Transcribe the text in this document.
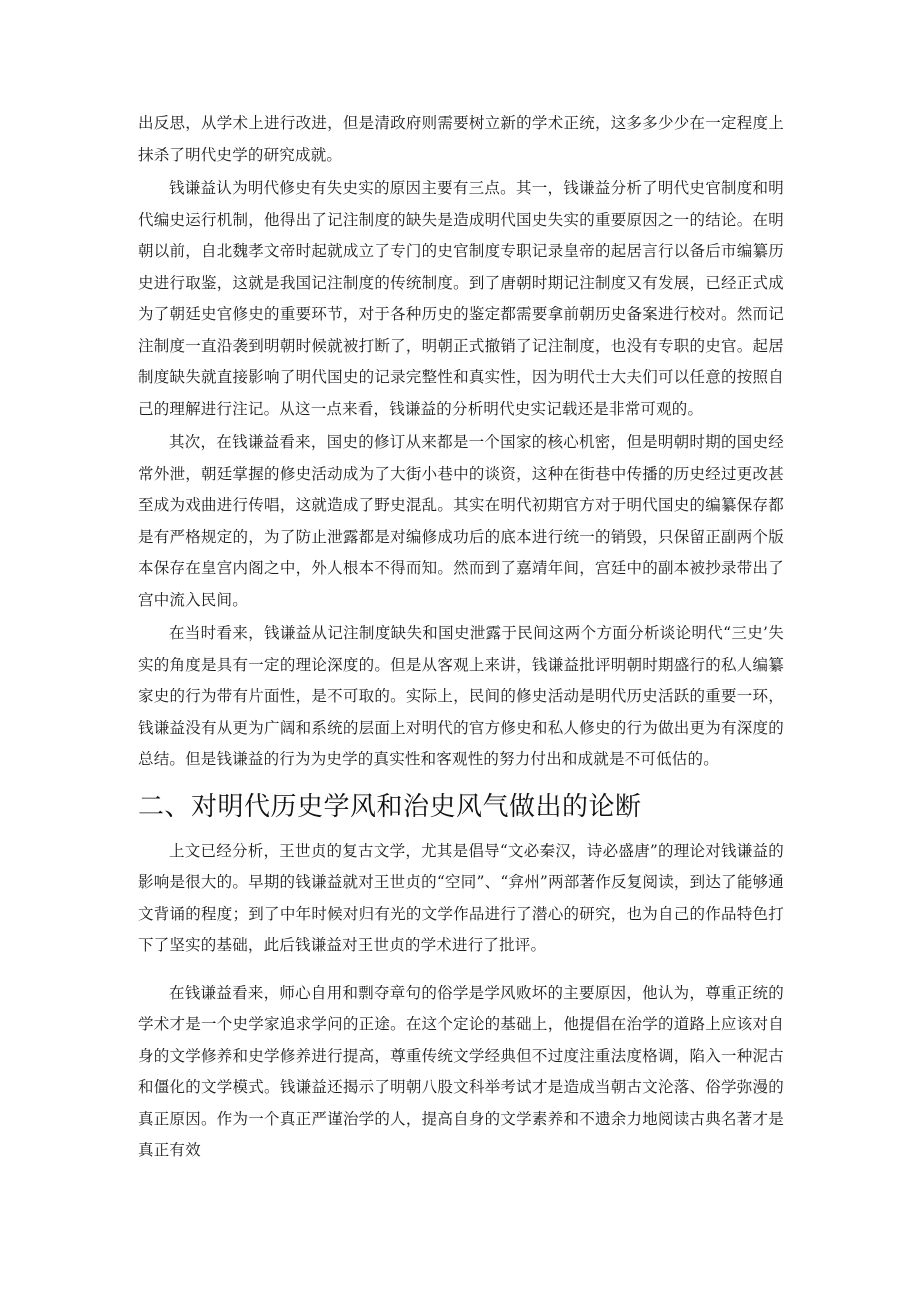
出反思，从学术上进行改进，但是清政府则需要树立新的学术正统，这多多少少在一定程度上抹杀了明代史学的研究成就。

钱谦益认为明代修史有失史实的原因主要有三点。其一，钱谦益分析了明代史官制度和明代编史运行机制，他得出了记注制度的缺失是造成明代国史失实的重要原因之一的结论。在明朝以前，自北魏孝文帝时起就成立了专门的史官制度专职记录皇帝的起居言行以备后市编纂历史进行取鉴，这就是我国记注制度的传统制度。到了唐朝时期记注制度又有发展，已经正式成为了朝廷史官修史的重要环节，对于各种历史的鉴定都需要拿前朝历史备案进行校对。然而记注制度一直沿袭到明朝时候就被打断了，明朝正式撤销了记注制度，也没有专职的史官。起居制度缺失就直接影响了明代国史的记录完整性和真实性，因为明代士大夫们可以任意的按照自己的理解进行注记。从这一点来看，钱谦益的分析明代史实记载还是非常可观的。

其次，在钱谦益看来，国史的修订从来都是一个国家的核心机密，但是明朝时期的国史经常外泄，朝廷掌握的修史活动成为了大街小巷中的谈资，这种在街巷中传播的历史经过更改甚至成为戏曲进行传唱，这就造成了野史混乱。其实在明代初期官方对于明代国史的编纂保存都是有严格规定的，为了防止泄露都是对编修成功后的底本进行统一的销毁，只保留正副两个版本保存在皇宫内阁之中，外人根本不得而知。然而到了嘉靖年间，宫廷中的副本被抄录带出了宫中流入民间。

在当时看来，钱谦益从记注制度缺失和国史泄露于民间这两个方面分析谈论明代“三史’失实的角度是具有一定的理论深度的。但是从客观上来讲，钱谦益批评明朝时期盛行的私人编纂家史的行为带有片面性，是不可取的。实际上，民间的修史活动是明代历史活跃的重要一环，钱谦益没有从更为广阔和系统的层面上对明代的官方修史和私人修史的行为做出更为有深度的总结。但是钱谦益的行为为史学的真实性和客观性的努力付出和成就是不可低估的。

二、对明代历史学风和治史风气做出的论断

上文已经分析，王世贞的复古文学，尤其是倡导“文必秦汉，诗必盛唐”的理论对钱谦益的影响是很大的。早期的钱谦益就对王世贞的“空同”、“弇州”两部著作反复阅读，到达了能够通文背诵的程度；到了中年时候对归有光的文学作品进行了潜心的研究，也为自己的作品特色打下了坚实的基础，此后钱谦益对王世贞的学术进行了批评。

在钱谦益看来，师心自用和剽夺章句的俗学是学风败坏的主要原因，他认为，尊重正统的学术才是一个史学家追求学问的正途。在这个定论的基础上，他提倡在治学的道路上应该对自身的文学修养和史学修养进行提高，尊重传统文学经典但不过度注重法度格调，陷入一种泥古和僵化的文学模式。钱谦益还揭示了明朝八股文科举考试才是造成当朝古文沦落、俗学弥漫的真正原因。作为一个真正严谨治学的人，提高自身的文学素养和不遗余力地阅读古典名著才是真正有效
